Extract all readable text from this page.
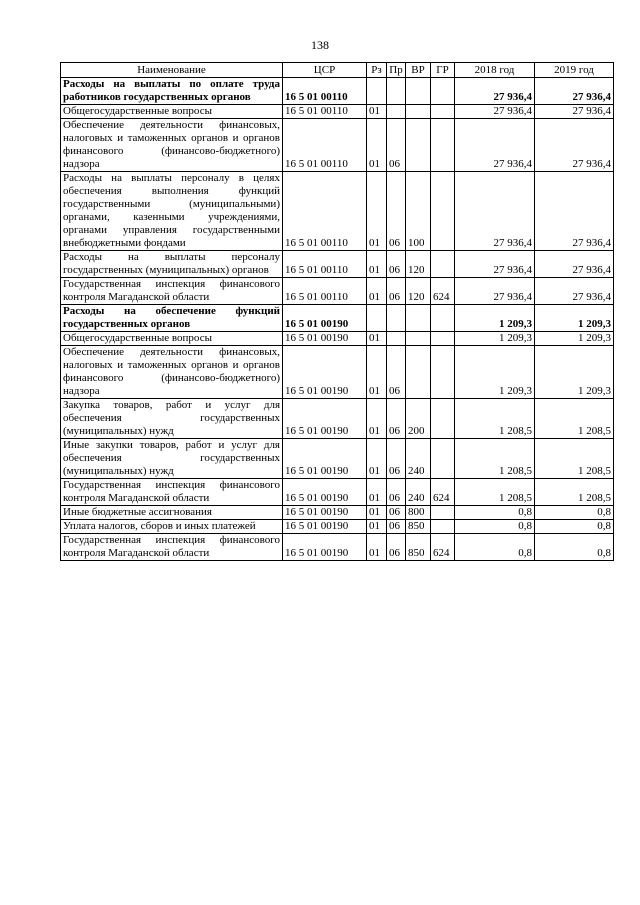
138
Наименование	ЦСР	Рз	Пр	ВР	ГР	2018 год	2019 год
Расходы на выплаты по оплате труда работников государственных органов	16 5 01 00110					27 936,4	27 936,4
Общегосударственные вопросы	16 5 01 00110	01				27 936,4	27 936,4
Обеспечение деятельности финансовых, налоговых и таможенных органов и органов финансового (финансово-бюджетного) надзора	16 5 01 00110	01	06			27 936,4	27 936,4
Расходы на выплаты персоналу в целях обеспечения выполнения функций государственными (муниципальными) органами, казенными учреждениями, органами управления государственными внебюджетными фондами	16 5 01 00110	01	06	100		27 936,4	27 936,4
Расходы на выплаты персоналу государственных (муниципальных) органов	16 5 01 00110	01	06	120		27 936,4	27 936,4
Государственная инспекция финансового контроля Магаданской области	16 5 01 00110	01	06	120	624	27 936,4	27 936,4
Расходы на обеспечение функций государственных органов	16 5 01 00190					1 209,3	1 209,3
Общегосударственные вопросы	16 5 01 00190	01				1 209,3	1 209,3
Обеспечение деятельности финансовых, налоговых и таможенных органов и органов финансового (финансово-бюджетного) надзора	16 5 01 00190	01	06			1 209,3	1 209,3
Закупка товаров, работ и услуг для обеспечения государственных (муниципальных) нужд	16 5 01 00190	01	06	200		1 208,5	1 208,5
Иные закупки товаров, работ и услуг для обеспечения государственных (муниципальных) нужд	16 5 01 00190	01	06	240		1 208,5	1 208,5
Государственная инспекция финансового контроля Магаданской области	16 5 01 00190	01	06	240	624	1 208,5	1 208,5
Иные бюджетные ассигнования	16 5 01 00190	01	06	800		0,8	0,8
Уплата налогов, сборов и иных платежей	16 5 01 00190	01	06	850		0,8	0,8
Государственная инспекция финансового контроля Магаданской области	16 5 01 00190	01	06	850	624	0,8	0,8
